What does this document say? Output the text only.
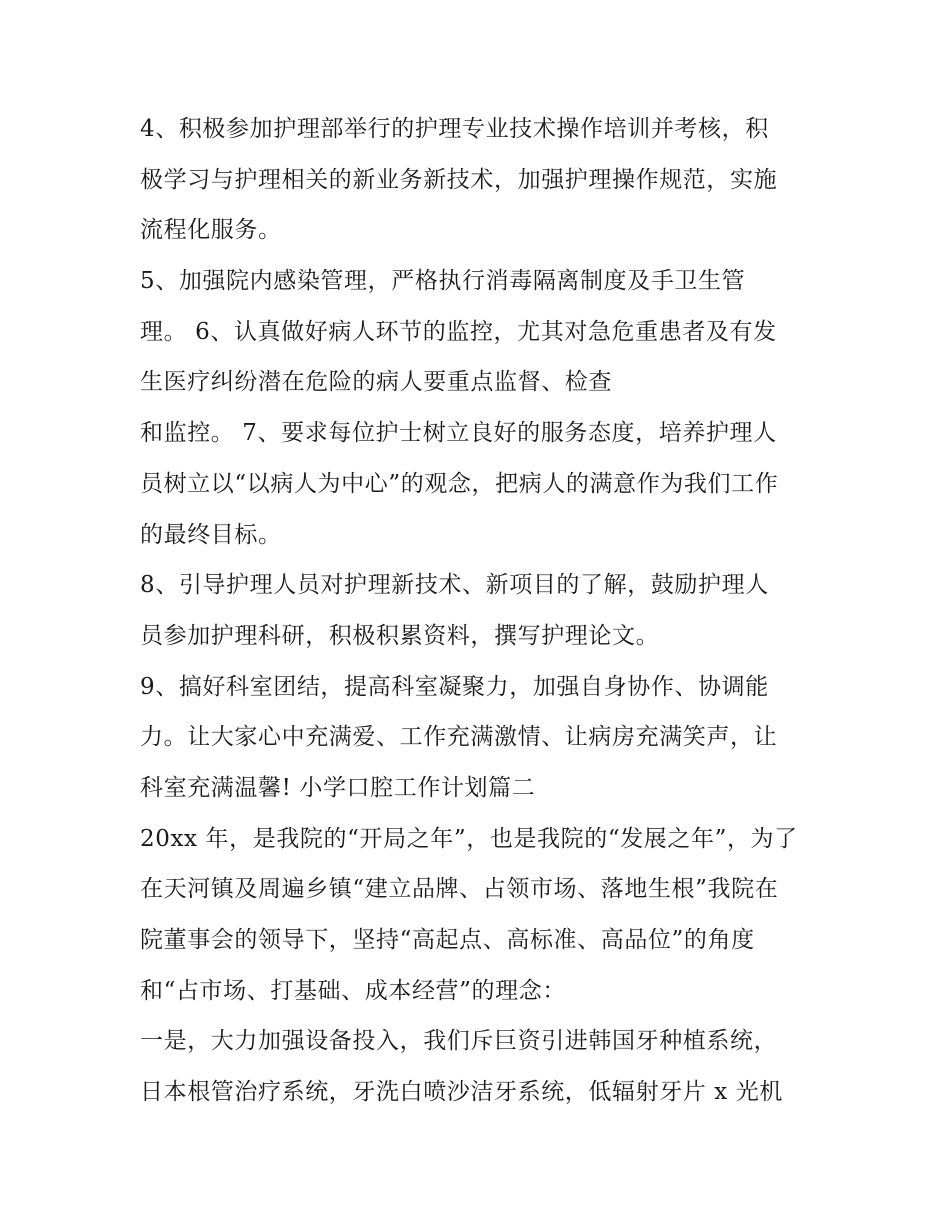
4、积极参加护理部举行的护理专业技术操作培训并考核，积
极学习与护理相关的新业务新技术，加强护理操作规范，实施
流程化服务。
5、加强院内感染管理，严格执行消毒隔离制度及手卫生管
理。 6、认真做好病人环节的监控，尤其对急危重患者及有发
生医疗纠纷潜在危险的病人要重点监督、检查
和监控。 7、要求每位护士树立良好的服务态度，培养护理人
员树立以“以病人为中心”的观念，把病人的满意作为我们工作
的最终目标。
8、引导护理人员对护理新技术、新项目的了解，鼓励护理人
员参加护理科研，积极积累资料，撰写护理论文。
9、搞好科室团结，提高科室凝聚力，加强自身协作、协调能
力。让大家心中充满爱、工作充满激情、让病房充满笑声，让
科室充满温馨! 小学口腔工作计划篇二
20xx 年，是我院的“开局之年”，也是我院的“发展之年”，为了
在天河镇及周遍乡镇“建立品牌、占领市场、落地生根”我院在
院董事会的领导下，坚持“高起点、高标准、高品位”的角度
和“占市场、打基础、成本经营”的理念：
一是，大力加强设备投入，我们斥巨资引进韩国牙种植系统，
日本根管治疗系统，牙洗白喷沙洁牙系统，低辐射牙片 x 光机
